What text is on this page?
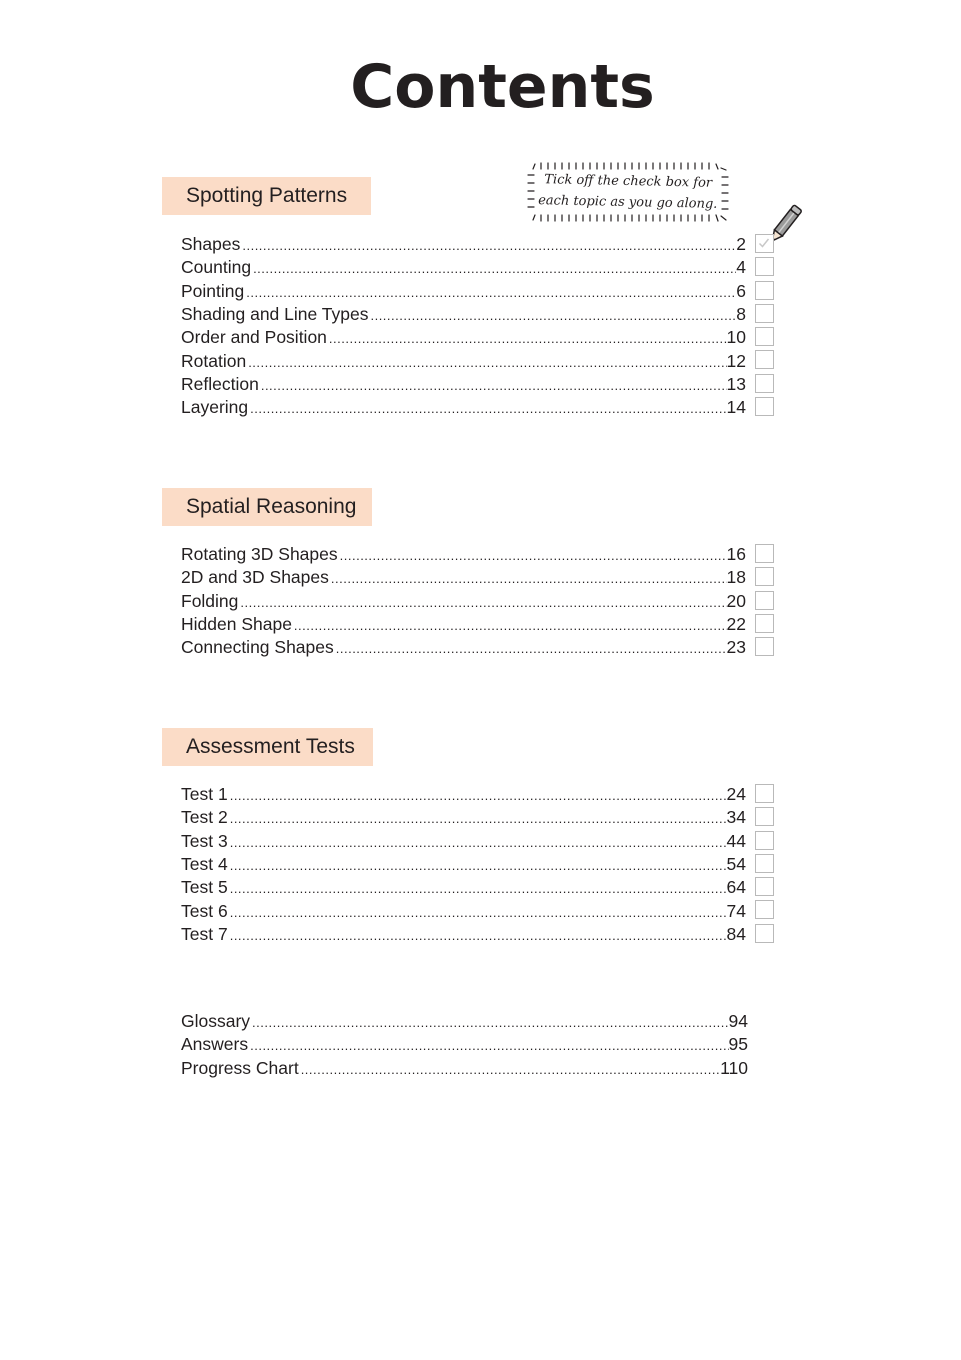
Contents
Tick off the check box for
each topic as you go along.
Spotting Patterns
Shapes .....	2
Counting .....	4
Pointing .....	6
Shading and Line Types .....	8
Order and Position .....	10
Rotation .....	12
Reflection .....	13
Layering .....	14
Spatial Reasoning
Rotating 3D Shapes .....	16
2D and 3D Shapes .....	18
Folding .....	20
Hidden Shape .....	22
Connecting Shapes .....	23
Assessment Tests
Test 1 .....	24
Test 2 .....	34
Test 3 .....	44
Test 4 .....	54
Test 5 .....	64
Test 6 .....	74
Test 7 .....	84
Glossary .....	94
Answers .....	95
Progress Chart .....	110
